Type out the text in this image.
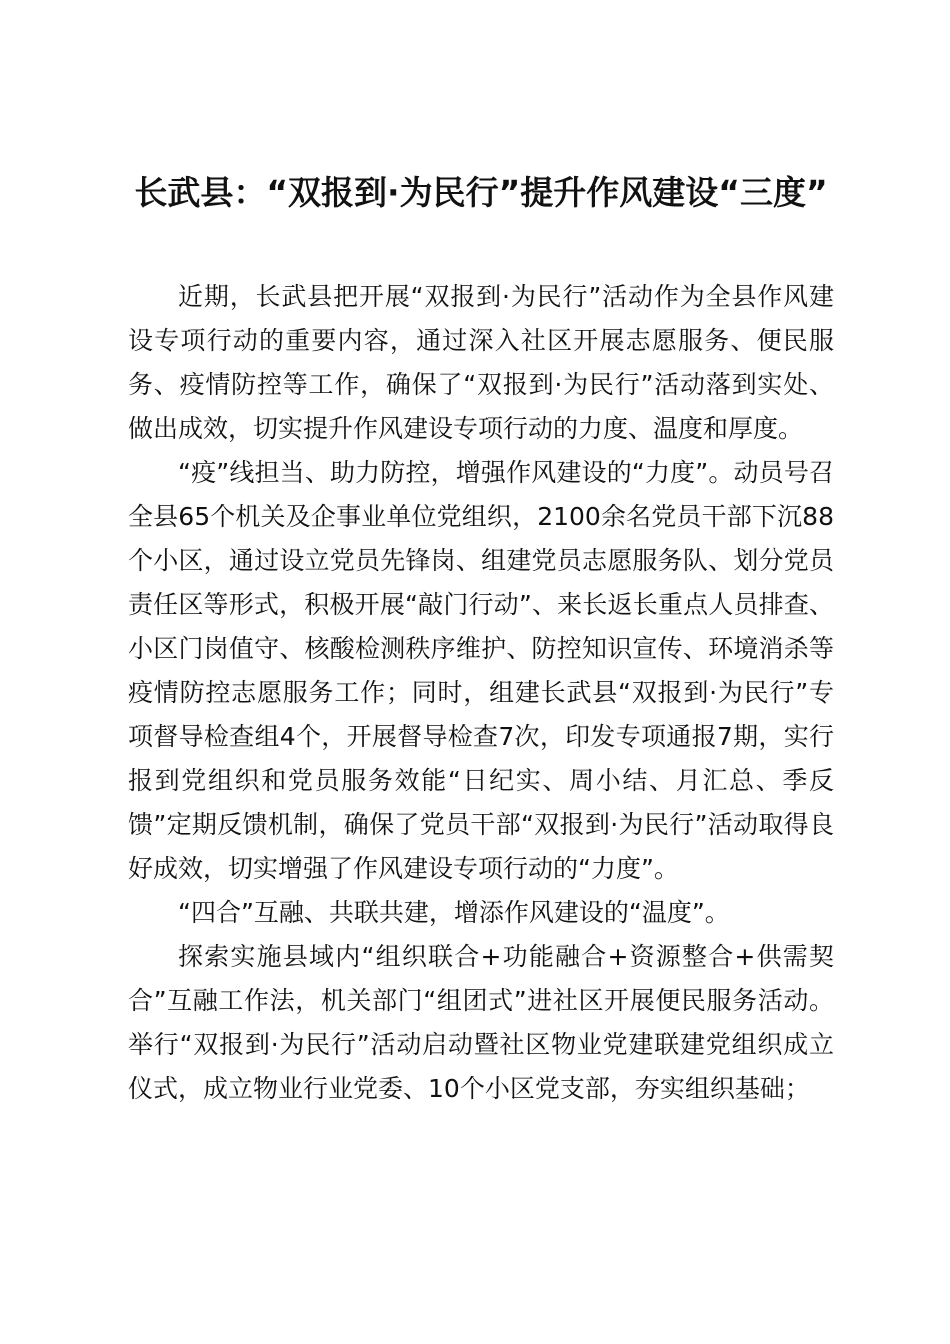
长武县：“双报到·为民行”提升作风建设“三度”

近期，长武县把开展“双报到·为民行”活动作为全县作风建设专项行动的重要内容，通过深入社区开展志愿服务、便民服务、疫情防控等工作，确保了“双报到·为民行”活动落到实处、做出成效，切实提升作风建设专项行动的力度、温度和厚度。

“疫”线担当、助力防控，增强作风建设的“力度”。动员号召全县65个机关及企事业单位党组织，2100余名党员干部下沉88个小区，通过设立党员先锋岗、组建党员志愿服务队、划分党员责任区等形式，积极开展“敲门行动”、来长返长重点人员排查、小区门岗值守、核酸检测秩序维护、防控知识宣传、环境消杀等疫情防控志愿服务工作；同时，组建长武县“双报到·为民行”专项督导检查组4个，开展督导检查7次，印发专项通报7期，实行报到党组织和党员服务效能“日纪实、周小结、月汇总、季反馈”定期反馈机制，确保了党员干部“双报到·为民行”活动取得良好成效，切实增强了作风建设专项行动的“力度”。

“四合”互融、共联共建，增添作风建设的“温度”。

探索实施县域内“组织联合+功能融合+资源整合+供需契合”互融工作法，机关部门“组团式”进社区开展便民服务活动。举行“双报到·为民行”活动启动暨社区物业党建联建党组织成立仪式，成立物业行业党委、10个小区党支部，夯实组织基础；
